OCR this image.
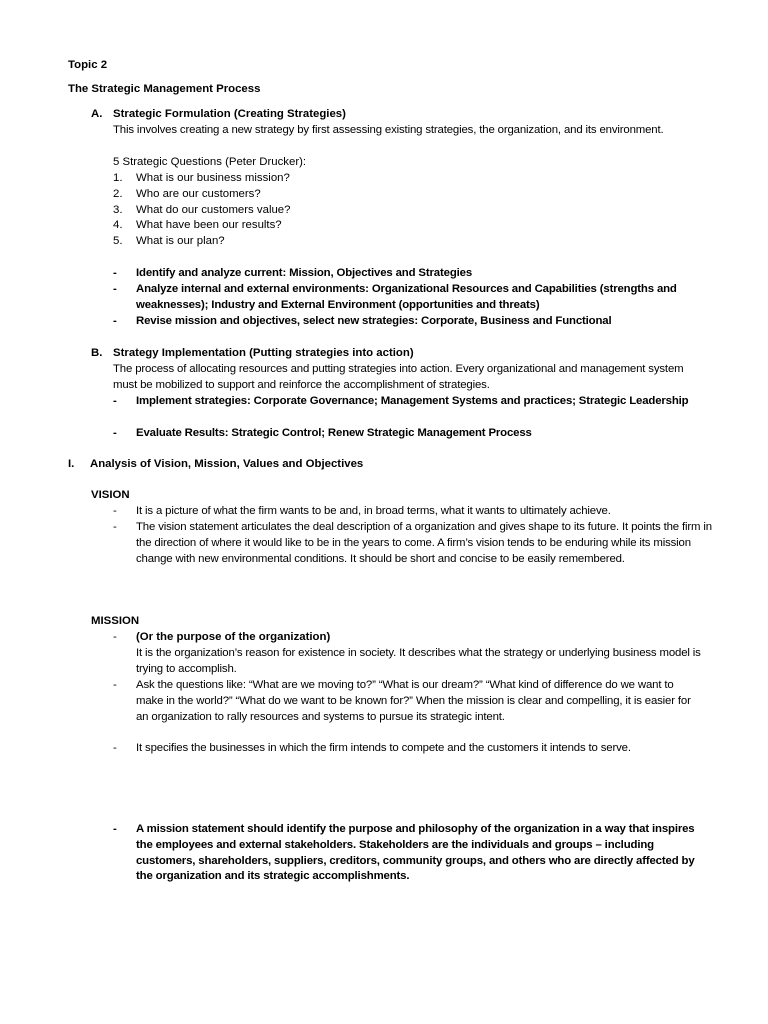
Topic 2

The Strategic Management Process

A. Strategic Formulation (Creating Strategies)

This involves creating a new strategy by first assessing existing strategies, the organization, and its environment.

5 Strategic Questions (Peter Drucker):

1.	What is our business mission?
2.	Who are our customers?
3.	What do our customers value?
4.	What have been our results?
5.	What is our plan?
-	Identify and analyze current: Mission, Objectives and Strategies
-	Analyze internal and external environments: Organizational Resources and Capabilities (strengths and weaknesses); Industry and External Environment (opportunities and threats)
-	Revise mission and objectives, select new strategies: Corporate, Business and Functional
B. Strategy Implementation (Putting strategies into action)

The process of allocating resources and putting strategies into action. Every organizational and management system must be mobilized to support and reinforce the accomplishment of strategies.

-	Implement strategies: Corporate Governance; Management Systems and practices; Strategic Leadership
-	Evaluate Results: Strategic Control; Renew Strategic Management Process
I.	Analysis of Vision, Mission, Values and Objectives

VISION

-	It is a picture of what the firm wants to be and, in broad terms, what it wants to ultimately achieve.
-	The vision statement articulates the deal description of a organization and gives shape to its future. It points the firm in the direction of where it would like to be in the years to come. A firm’s vision tends to be enduring while its mission change with new environmental conditions. It should be short and concise to be easily remembered.

MISSION

-	(Or the purpose of the organization)

It is the organization’s reason for existence in society. It describes what the strategy or underlying business model is trying to accomplish.

-	Ask the questions like: “What are we moving to?” “What is our dream?” “What kind of difference do we want to make in the world?” “What do we want to be known for?” When the mission is clear and compelling, it is easier for an organization to rally resources and systems to pursue its strategic intent.
-	It specifies the businesses in which the firm intends to compete and the customers it intends to serve.
-	A mission statement should identify the purpose and philosophy of the organization in a way that inspires the employees and external stakeholders. Stakeholders are the individuals and groups – including customers, shareholders, suppliers, creditors, community groups, and others who are directly affected by the organization and its strategic accomplishments.
